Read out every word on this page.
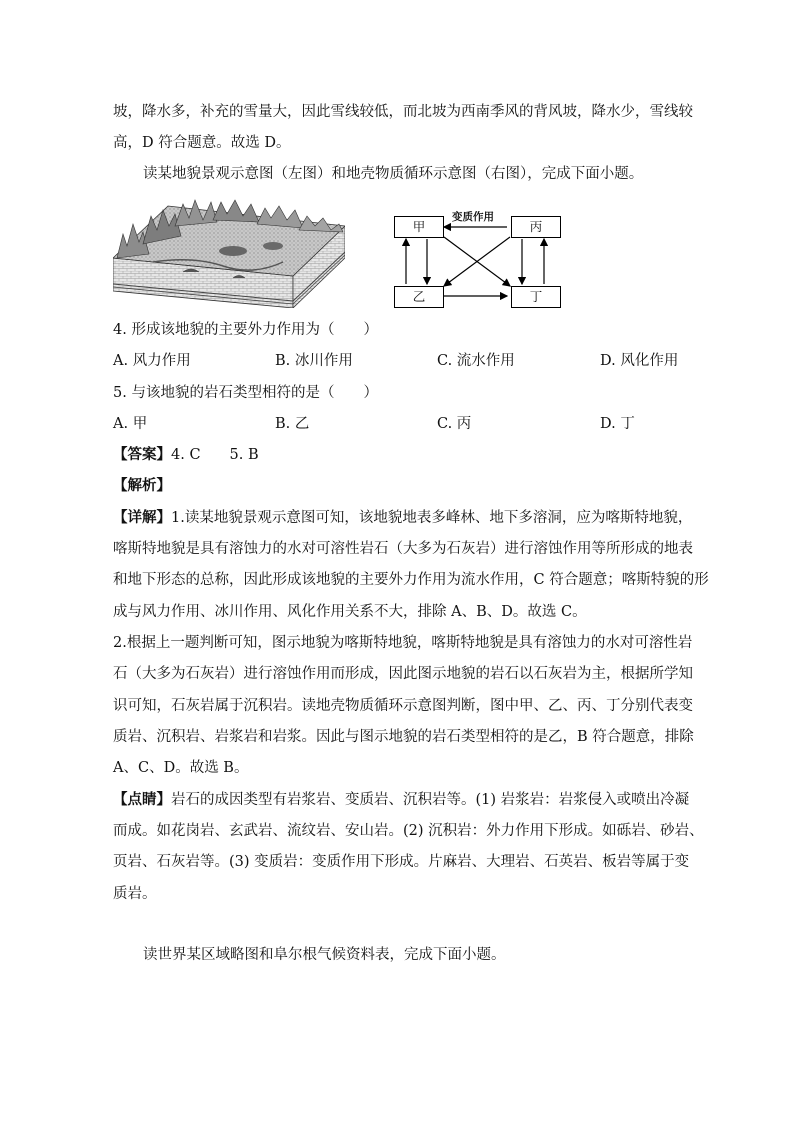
坡，降水多，补充的雪量大，因此雪线较低，而北坡为西南季风的背风坡，降水少，雪线较
高，D 符合题意。故选 D。
读某地貌景观示意图（左图）和地壳物质循环示意图（右图），完成下面小题。
变质作用
甲	丙
乙	丁
4. 形成该地貌的主要外力作用为（　　）
A. 风力作用	B. 冰川作用	C. 流水作用	D. 风化作用
5. 与该地貌的岩石类型相符的是（　　）
A. 甲	B. 乙	C. 丙	D. 丁
【答案】4. C　　5. B
【解析】
【详解】1.读某地貌景观示意图可知，该地貌地表多峰林、地下多溶洞，应为喀斯特地貌，
喀斯特地貌是具有溶蚀力的水对可溶性岩石（大多为石灰岩）进行溶蚀作用等所形成的地表
和地下形态的总称，因此形成该地貌的主要外力作用为流水作用，C 符合题意；喀斯特貌的形
成与风力作用、冰川作用、风化作用关系不大，排除 A、B、D。故选 C。
2.根据上一题判断可知，图示地貌为喀斯特地貌，喀斯特地貌是具有溶蚀力的水对可溶性岩
石（大多为石灰岩）进行溶蚀作用而形成，因此图示地貌的岩石以石灰岩为主，根据所学知
识可知，石灰岩属于沉积岩。读地壳物质循环示意图判断，图中甲、乙、丙、丁分别代表变
质岩、沉积岩、岩浆岩和岩浆。因此与图示地貌的岩石类型相符的是乙，B 符合题意，排除
A、C、D。故选 B。
【点睛】岩石的成因类型有岩浆岩、变质岩、沉积岩等。(1) 岩浆岩：岩浆侵入或喷出冷凝
而成。如花岗岩、玄武岩、流纹岩、安山岩。(2) 沉积岩：外力作用下形成。如砾岩、砂岩、
页岩、石灰岩等。(3) 变质岩：变质作用下形成。片麻岩、大理岩、石英岩、板岩等属于变
质岩。
读世界某区域略图和阜尔根气候资料表，完成下面小题。
